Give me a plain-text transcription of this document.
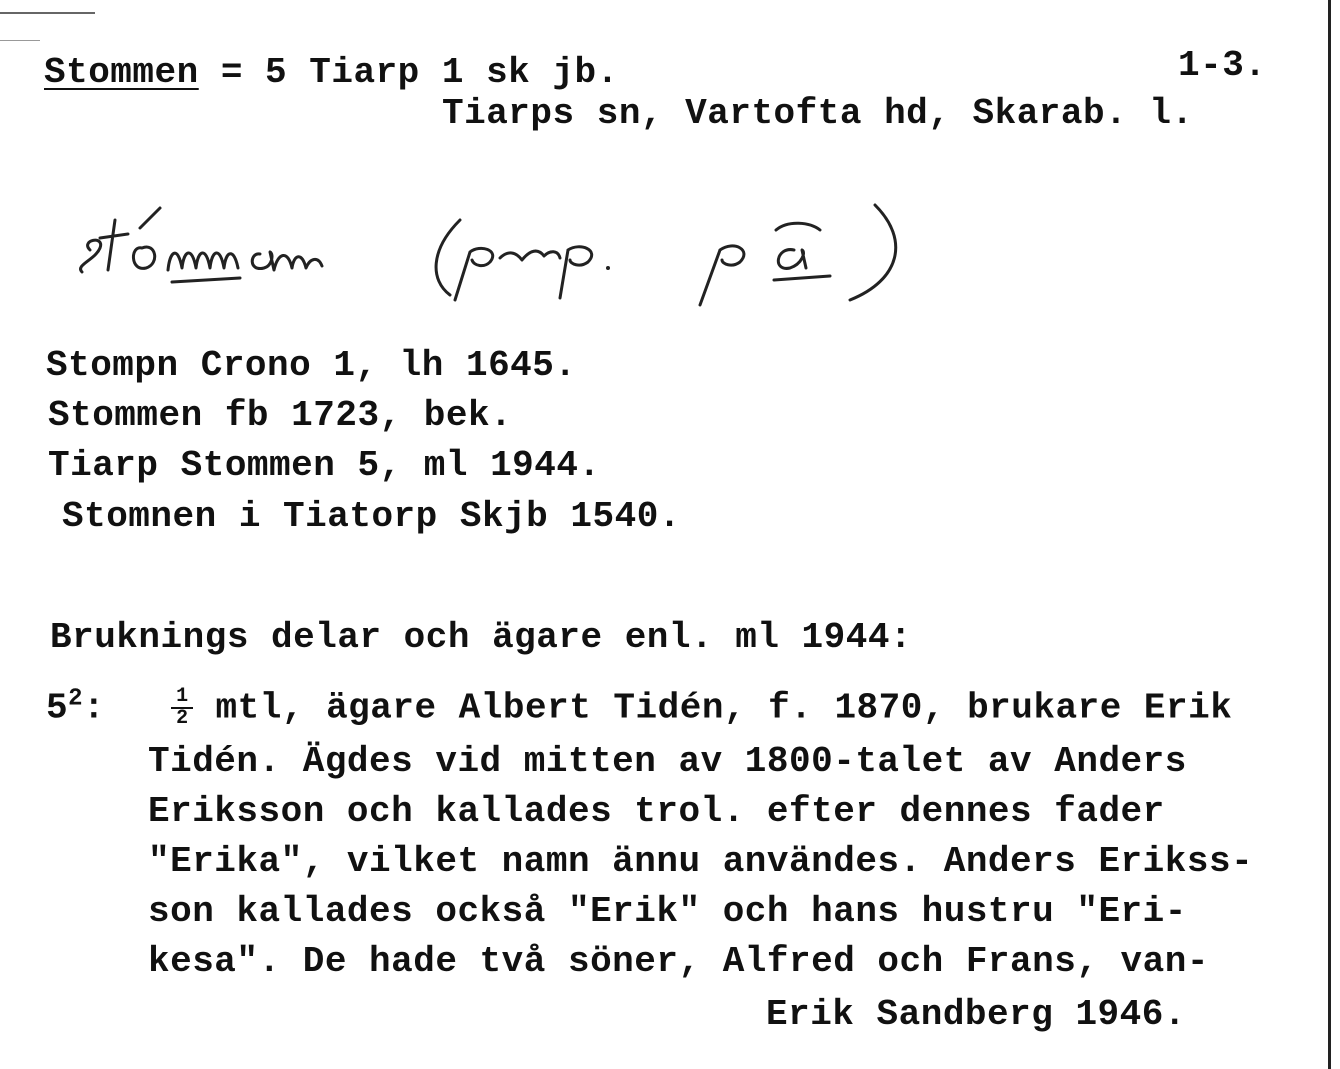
Stommen = 5 Tiarp 1 sk jb.	1-3.
Tiarps sn, Vartofta hd, Skarab. l.
Stompn Crono 1, lh 1645.
Stommen fb 1723, bek.
Tiarp Stommen 5, ml 1944.
Stomnen i Tiatorp Skjb 1540.
Bruknings delar och ägare enl. ml 1944:
$5^2$:	$\frac{1}{2}$ mtl, ägare Albert Tidén, f. 1870, brukare Erik
Tidén. Ägdes vid mitten av 1800-talet av Anders
Eriksson och kallades trol. efter dennes fader
"Erika", vilket namn ännu användes. Anders Erikss-
son kallades också "Erik" och hans hustru "Eri-
kesa". De hade två söner, Alfred och Frans, van-
Erik Sandberg 1946.
